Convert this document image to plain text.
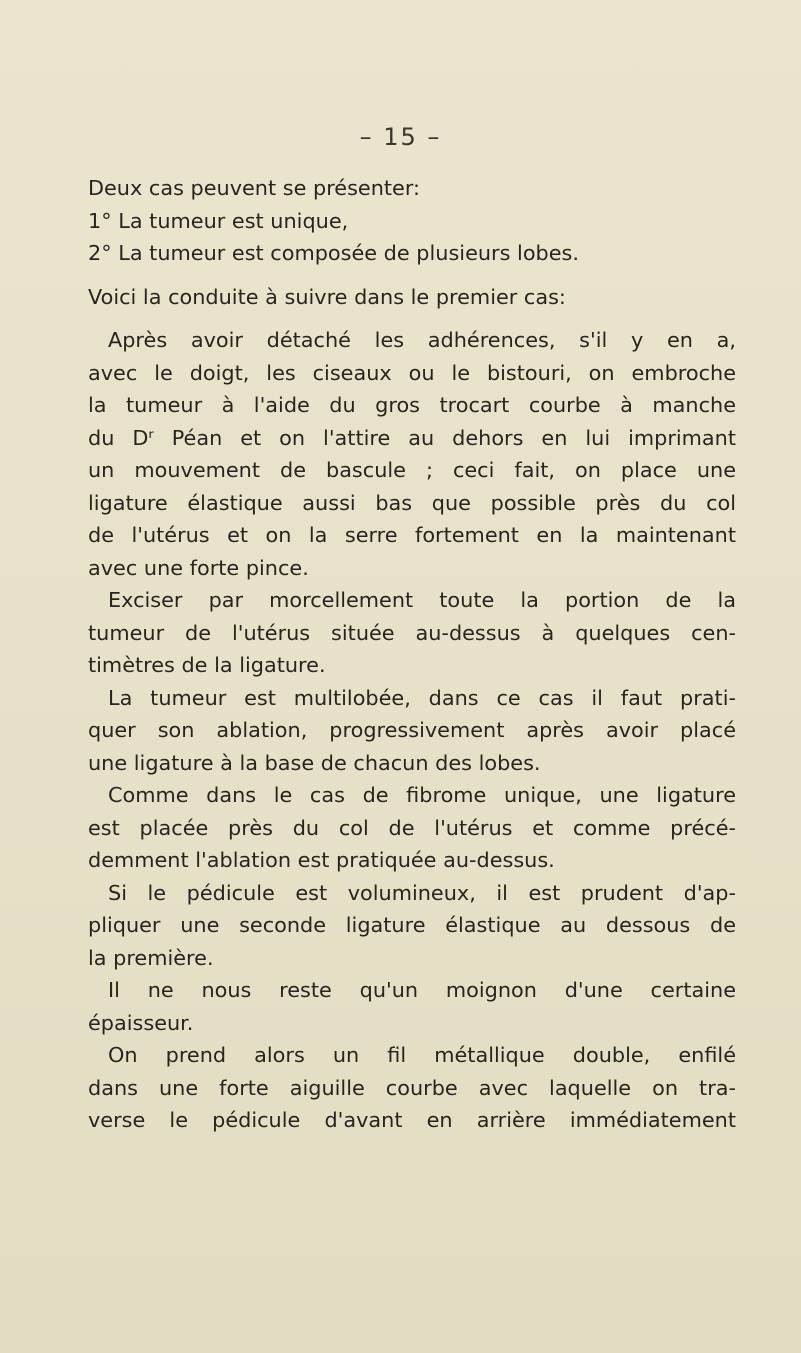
– 15 –
Deux cas peuvent se présenter:
1° La tumeur est unique,
2° La tumeur est composée de plusieurs lobes.
Voici la conduite à suivre dans le premier cas:
Après avoir détaché les adhérences, s'il y en a,
avec le doigt, les ciseaux ou le bistouri, on embroche
la tumeur à l'aide du gros trocart courbe à manche
du Dʳ Péan et on l'attire au dehors en lui imprimant
un mouvement de bascule ; ceci fait, on place une
ligature élastique aussi bas que possible près du col
de l'utérus et on la serre fortement en la maintenant
avec une forte pince.
Exciser par morcellement toute la portion de la
tumeur de l'utérus située au-dessus à quelques cen-
timètres de la ligature.
La tumeur est multilobée, dans ce cas il faut prati-
quer son ablation, progressivement après avoir placé
une ligature à la base de chacun des lobes.
Comme dans le cas de fibrome unique, une ligature
est placée près du col de l'utérus et comme précé-
demment l'ablation est pratiquée au-dessus.
Si le pédicule est volumineux, il est prudent d'ap-
pliquer une seconde ligature élastique au dessous de
la première.
Il ne nous reste qu'un moignon d'une certaine
épaisseur.
On prend alors un fil métallique double, enfilé
dans une forte aiguille courbe avec laquelle on tra-
verse le pédicule d'avant en arrière immédiatement
